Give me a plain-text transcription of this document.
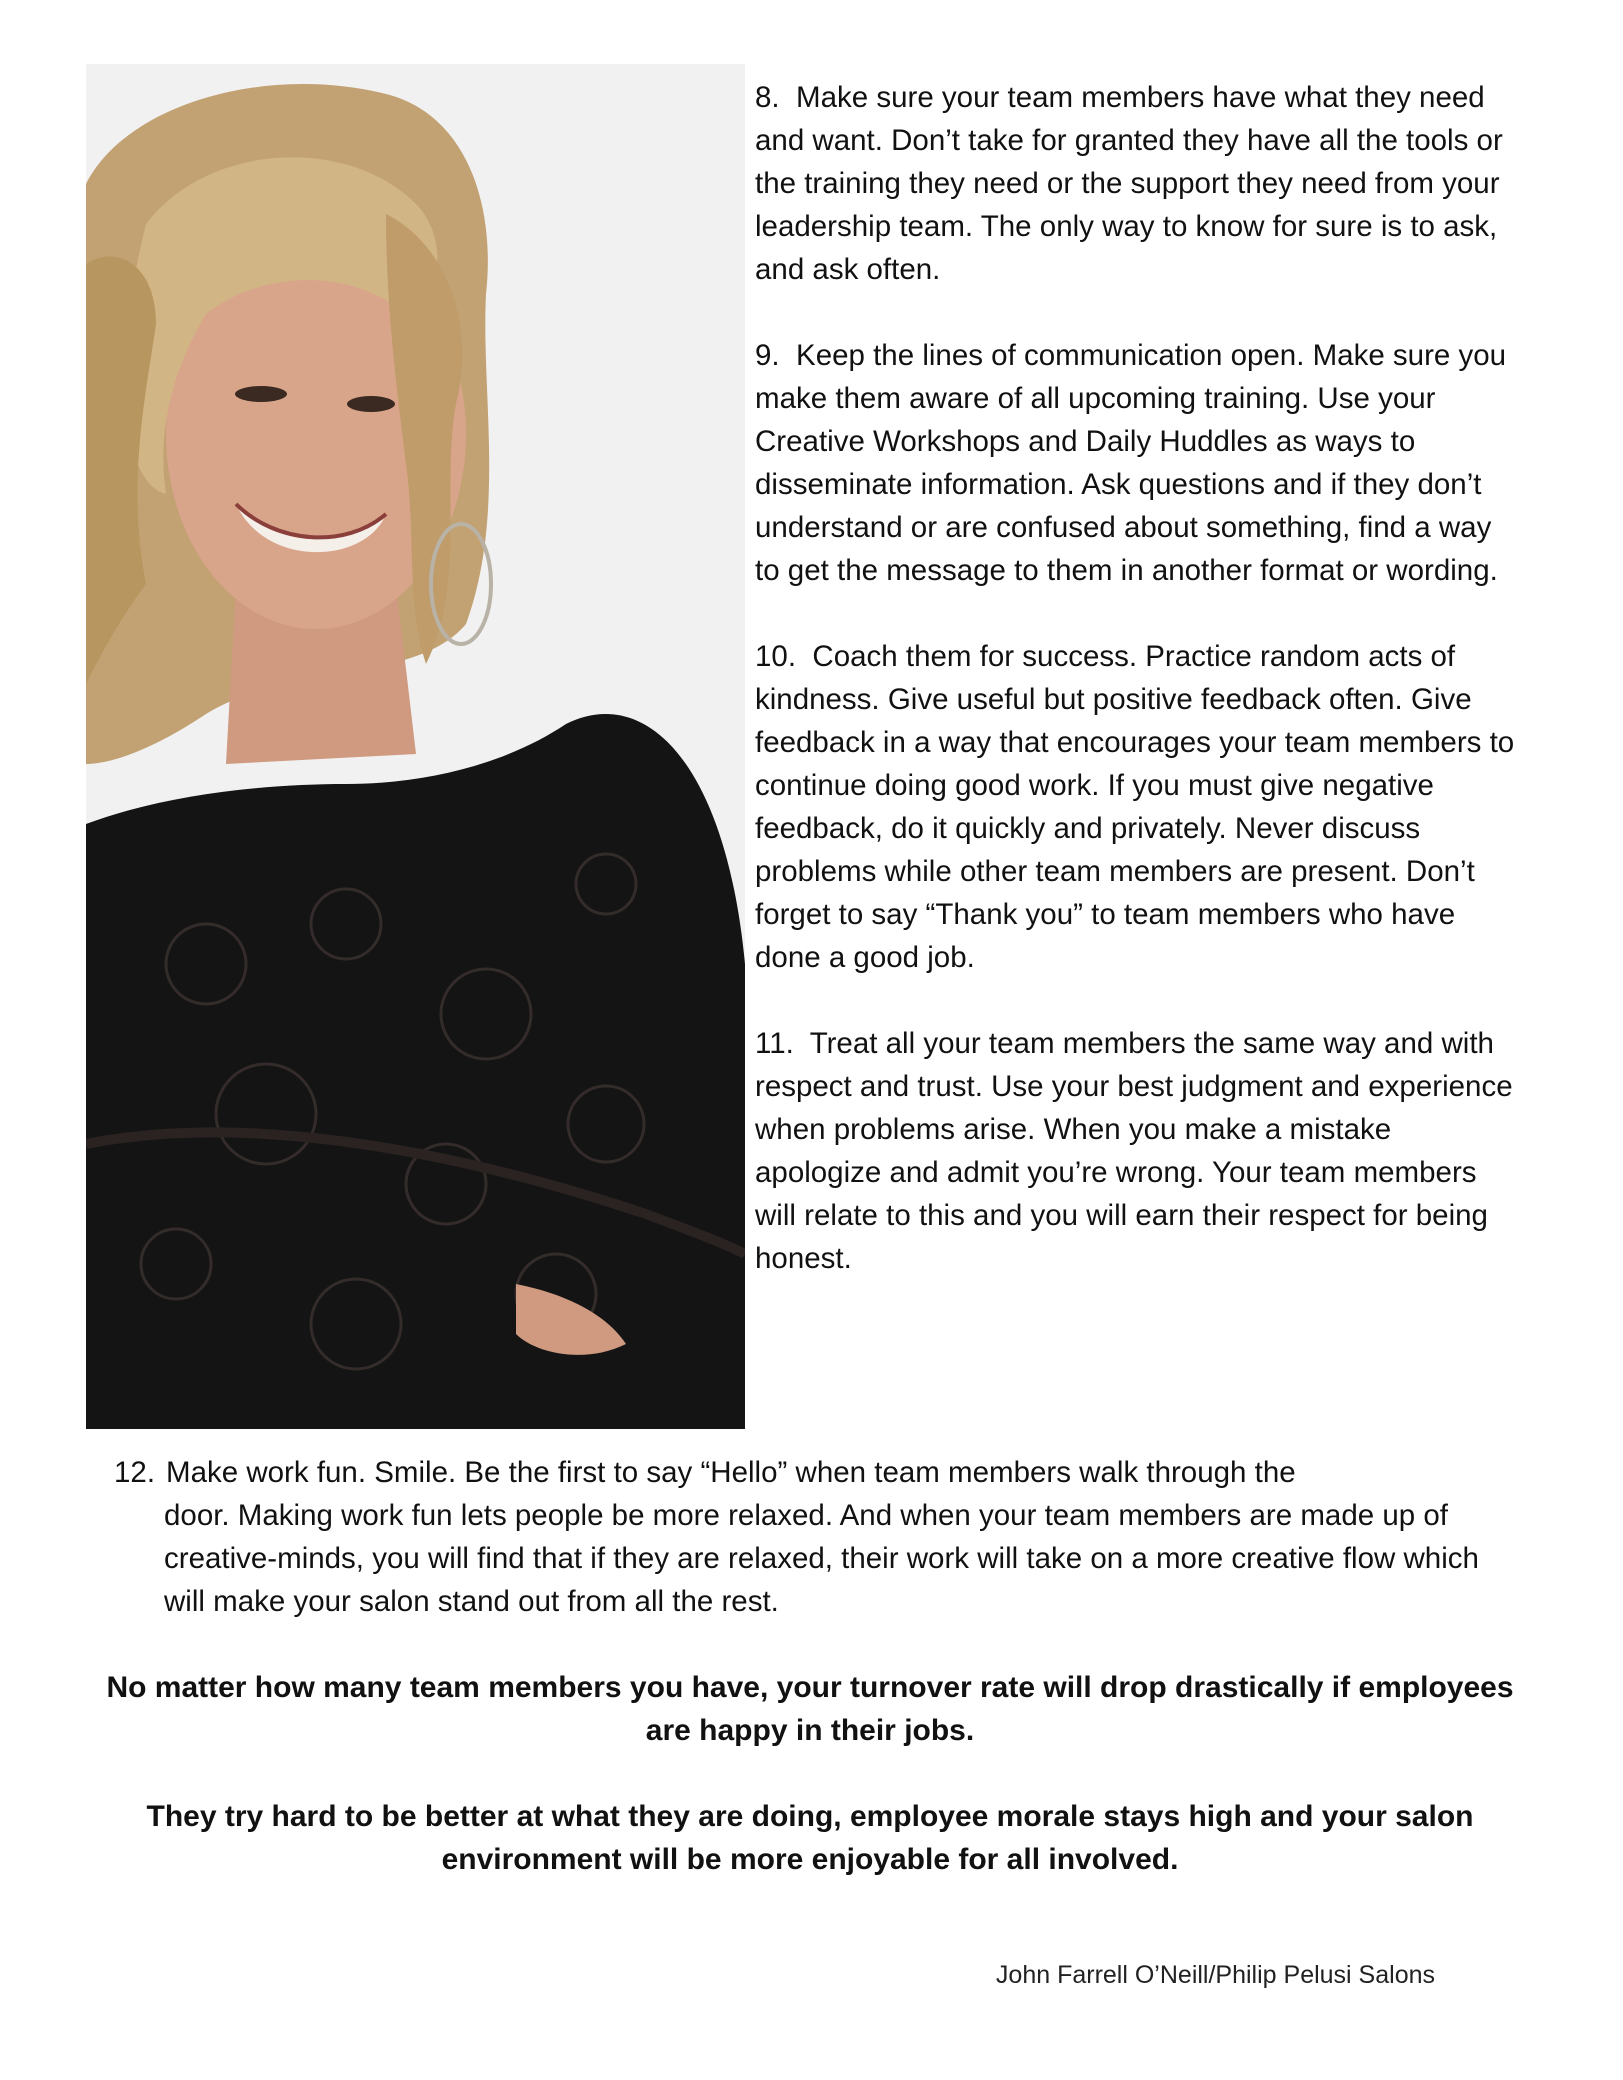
8. Make sure your team members have what they need and want. Don’t take for granted they have all the tools or the training they need or the support they need from your leadership team. The only way to know for sure is to ask, and ask often.

9. Keep the lines of communication open. Make sure you make them aware of all upcoming training. Use your Creative Workshops and Daily Huddles as ways to disseminate information. Ask questions and if they don’t understand or are confused about something, find a way to get the message to them in another format or wording.

10. Coach them for success. Practice random acts of kindness. Give useful but positive feedback often. Give feedback in a way that encourages your team members to continue doing good work. If you must give negative feedback, do it quickly and privately. Never discuss problems while other team members are present. Don’t forget to say “Thank you” to team members who have done a good job.

11. Treat all your team members the same way and with respect and trust. Use your best judgment and experience when problems arise. When you make a mistake apologize and admit you’re wrong. Your team members will relate to this and you will earn their respect for being honest.

12. Make work fun. Smile. Be the first to say “Hello” when team members walk through the
door. Making work fun lets people be more relaxed. And when your team members are made up of creative-minds, you will find that if they are relaxed, their work will take on a more creative flow which will make your salon stand out from all the rest.
No matter how many team members you have, your turnover rate will drop drastically if employees are happy in their jobs.
They try hard to be better at what they are doing, employee morale stays high and your salon environment will be more enjoyable for all involved.
John Farrell O’Neill/Philip Pelusi Salons
